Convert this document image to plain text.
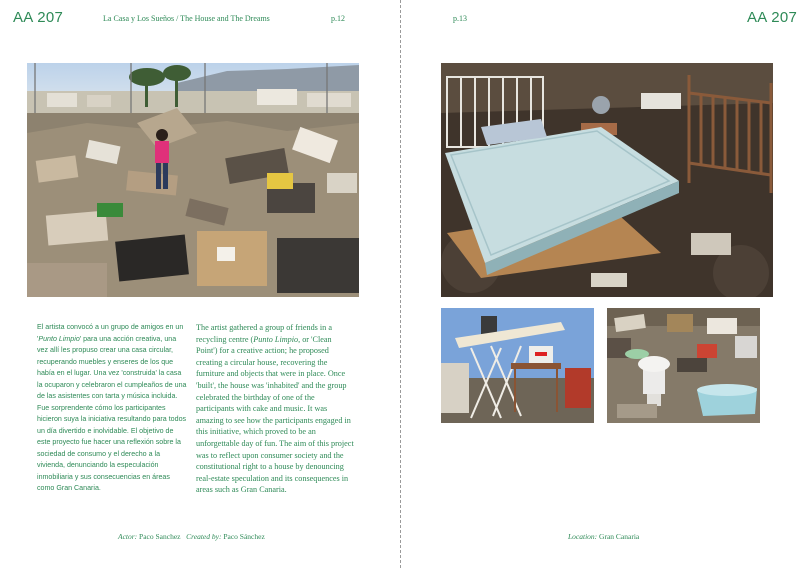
AA 207	La Casa y Los Sueños / The House and The Dreams	p.12

El artista convocó a un grupo de amigos en un 'Punto Limpio' para una acción creativa, una vez allí les propuso crear una casa circular, recuperando muebles y enseres de los que había en el lugar. Una vez 'construida' la casa la ocuparon y celebraron el cumpleaños de una de las asistentes con tarta y música incluida. Fue sorprendente cómo los participantes hicieron suya la iniciativa resultando para todos un día divertido e inolvidable. El objetivo de este proyecto fue hacer una reflexión sobre la sociedad de consumo y el derecho a la vivienda, denunciando la especulación inmobiliaria y sus consecuencias en áreas como Gran Canaria.

The artist gathered a group of friends in a recycling centre (Punto Limpio, or 'Clean Point') for a creative action; he proposed creating a circular house, recovering the furniture and objects that were in place. Once 'built', the house was 'inhabited' and the group celebrated the birthday of one of the participants with cake and music. It was amazing to see how the participants engaged in this initiative, which proved to be an unforgettable day of fun. The aim of this project was to reflect upon consumer society and the constitutional right to a house by denouncing real-estate speculation and its consequences in areas such as Gran Canaria.

Actor: Paco Sanchez Created by: Paco Sánchez
p.13	AA 207
Location: Gran Canaria
